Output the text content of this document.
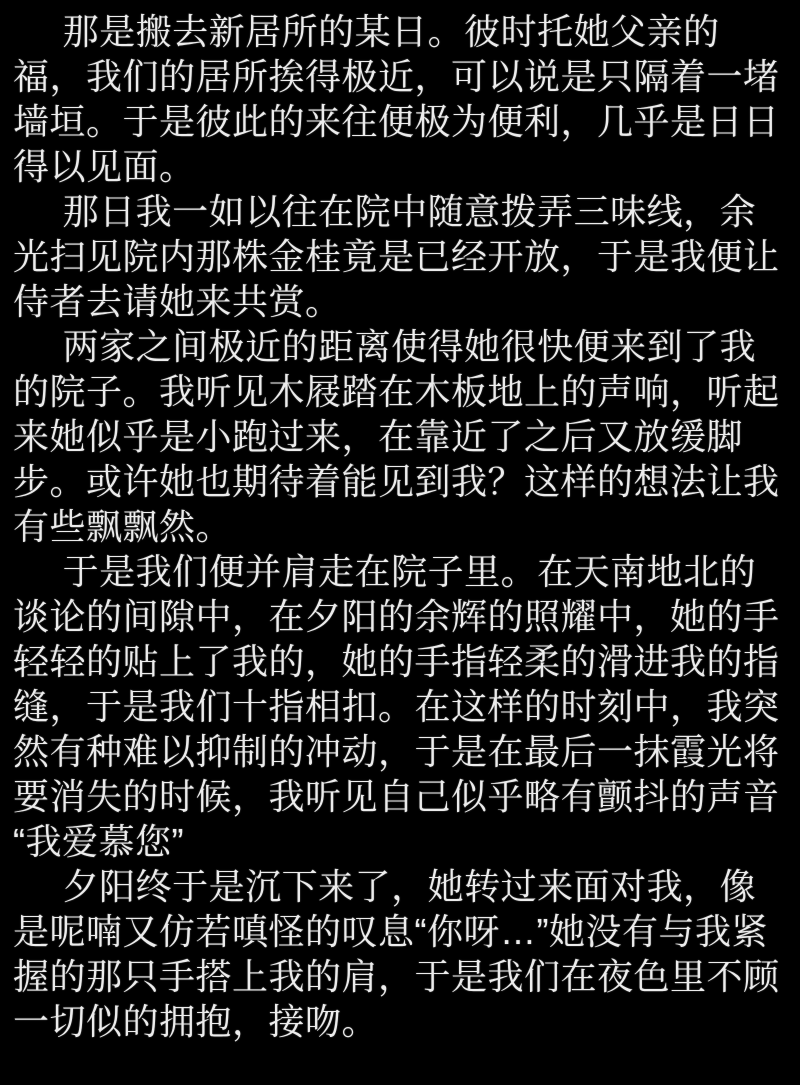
那是搬去新居所的某日。彼时托她父亲的福，我们的居所挨得极近，可以说是只隔着一堵墙垣。于是彼此的来往便极为便利，几乎是日日得以见面。

那日我一如以往在院中随意拨弄三味线，余光扫见院内那株金桂竟是已经开放，于是我便让侍者去请她来共赏。

两家之间极近的距离使得她很快便来到了我的院子。我听见木屐踏在木板地上的声响，听起来她似乎是小跑过来，在靠近了之后又放缓脚步。或许她也期待着能见到我？这样的想法让我有些飘飘然。

于是我们便并肩走在院子里。在天南地北的谈论的间隙中，在夕阳的余辉的照耀中，她的手轻轻的贴上了我的，她的手指轻柔的滑进我的指缝，于是我们十指相扣。在这样的时刻中，我突然有种难以抑制的冲动，于是在最后一抹霞光将要消失的时候，我听见自己似乎略有颤抖的声音“我爱慕您”

夕阳终于是沉下来了，她转过来面对我，像是呢喃又仿若嗔怪的叹息“你呀…”她没有与我紧握的那只手搭上我的肩，于是我们在夜色里不顾一切似的拥抱，接吻。
